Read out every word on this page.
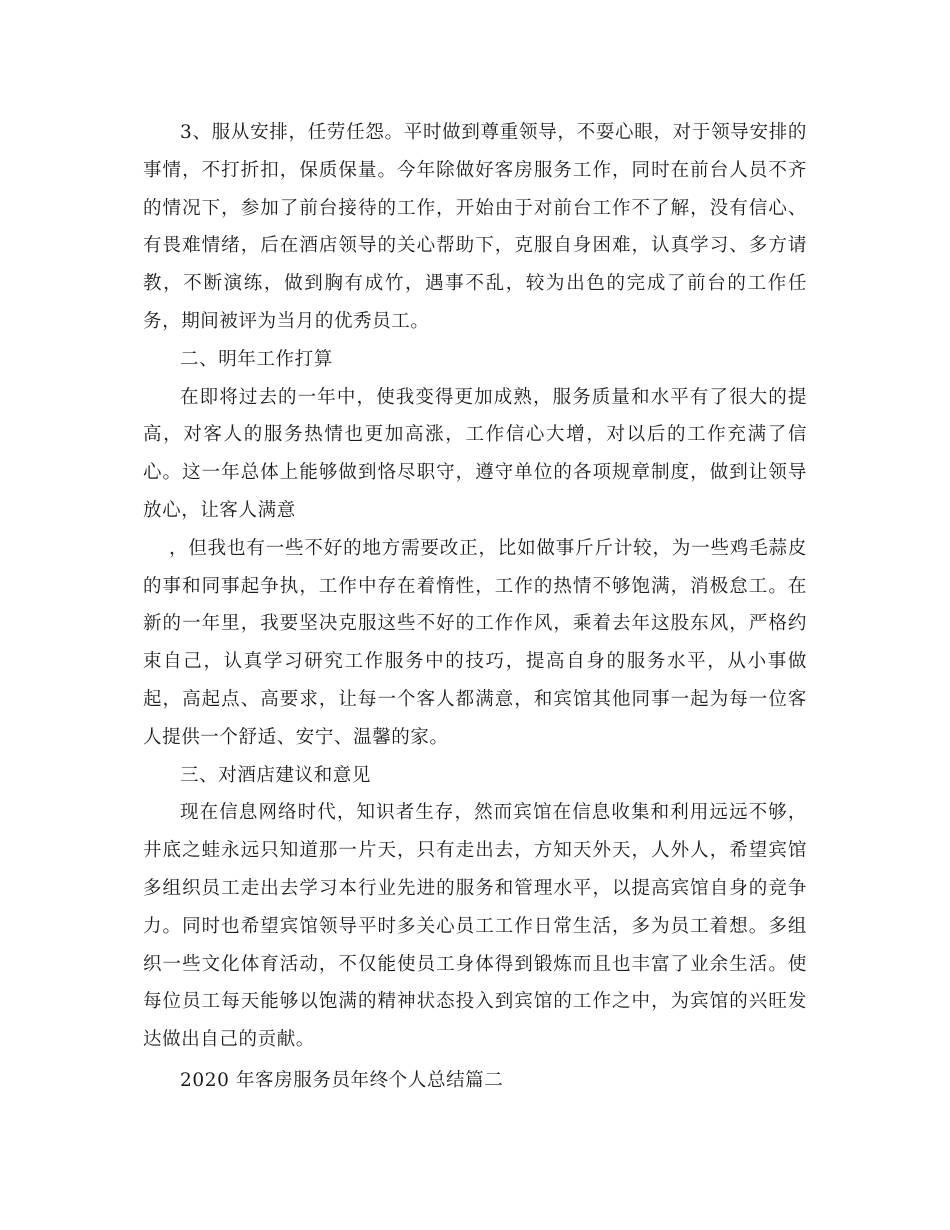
3、服从安排，任劳任怨。平时做到尊重领导，不耍心眼，对于领导安排的事情，不打折扣，保质保量。今年除做好客房服务工作，同时在前台人员不齐的情况下，参加了前台接待的工作，开始由于对前台工作不了解，没有信心、有畏难情绪，后在酒店领导的关心帮助下，克服自身困难，认真学习、多方请教，不断演练，做到胸有成竹，遇事不乱，较为出色的完成了前台的工作任务，期间被评为当月的优秀员工。

二、明年工作打算

在即将过去的一年中，使我变得更加成熟，服务质量和水平有了很大的提高，对客人的服务热情也更加高涨，工作信心大增，对以后的工作充满了信心。这一年总体上能够做到恪尽职守，遵守单位的各项规章制度，做到让领导放心，让客人满意

，但我也有一些不好的地方需要改正，比如做事斤斤计较，为一些鸡毛蒜皮的事和同事起争执，工作中存在着惰性，工作的热情不够饱满，消极怠工。在新的一年里，我要坚决克服这些不好的工作作风，乘着去年这股东风，严格约束自己，认真学习研究工作服务中的技巧，提高自身的服务水平，从小事做起，高起点、高要求，让每一个客人都满意，和宾馆其他同事一起为每一位客人提供一个舒适、安宁、温馨的家。

三、对酒店建议和意见

现在信息网络时代，知识者生存，然而宾馆在信息收集和利用远远不够，井底之蛙永远只知道那一片天，只有走出去，方知天外天，人外人，希望宾馆多组织员工走出去学习本行业先进的服务和管理水平，以提高宾馆自身的竞争力。同时也希望宾馆领导平时多关心员工工作日常生活，多为员工着想。多组织一些文化体育活动，不仅能使员工身体得到锻炼而且也丰富了业余生活。使每位员工每天能够以饱满的精神状态投入到宾馆的工作之中，为宾馆的兴旺发达做出自己的贡献。

2020 年客房服务员年终个人总结篇二
